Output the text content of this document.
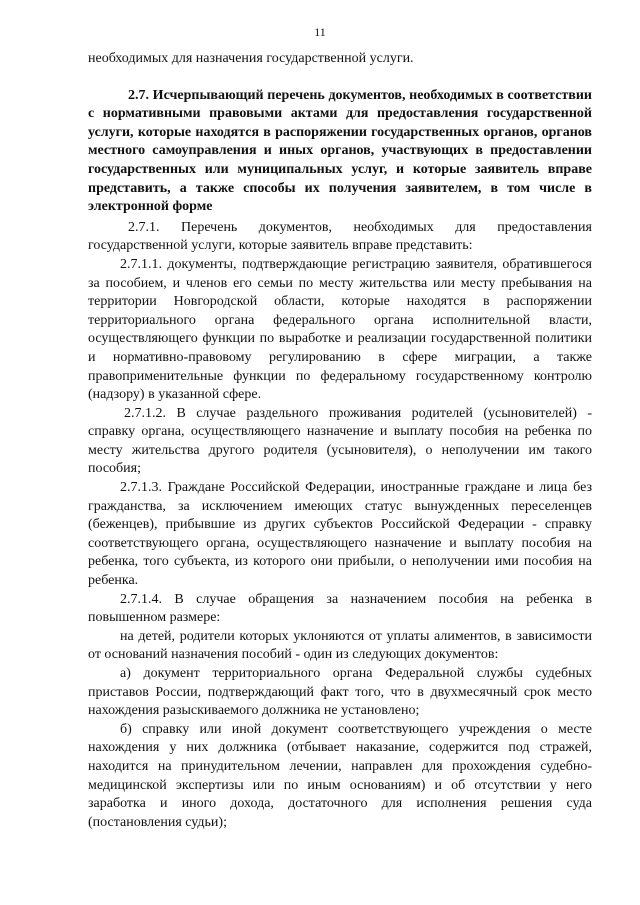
11

необходимых для назначения государственной услуги.

2.7. Исчерпывающий перечень документов, необходимых в соответствии с нормативными правовыми актами для предоставления государственной услуги, которые находятся в распоряжении государственных органов, органов местного самоуправления и иных органов, участвующих в предоставлении государственных или муниципальных услуг, и которые заявитель вправе представить, а также способы их получения заявителем, в том числе в электронной форме

2.7.1. Перечень документов, необходимых для предоставления государственной услуги, которые заявитель вправе представить:

2.7.1.1. документы, подтверждающие регистрацию заявителя, обратившегося за пособием, и членов его семьи по месту жительства или месту пребывания на территории Новгородской области, которые находятся в распоряжении территориального органа федерального органа исполнительной власти, осуществляющего функции по выработке и реализации государственной политики и нормативно-правовому регулированию в сфере миграции, а также правоприменительные функции по федеральному государственному контролю (надзору) в указанной сфере.

2.7.1.2. В случае раздельного проживания родителей (усыновителей) - справку органа, осуществляющего назначение и выплату пособия на ребенка по месту жительства другого родителя (усыновителя), о неполучении им такого пособия;

2.7.1.3. Граждане Российской Федерации, иностранные граждане и лица без гражданства, за исключением имеющих статус вынужденных переселенцев (беженцев), прибывшие из других субъектов Российской Федерации - справку соответствующего органа, осуществляющего назначение и выплату пособия на ребенка, того субъекта, из которого они прибыли, о неполучении ими пособия на ребенка.

2.7.1.4. В случае обращения за назначением пособия на ребенка в повышенном размере:

на детей, родители которых уклоняются от уплаты алиментов, в зависимости от оснований назначения пособий - один из следующих документов:

а) документ территориального органа Федеральной службы судебных приставов России, подтверждающий факт того, что в двухмесячный срок место нахождения разыскиваемого должника не установлено;

б) справку или иной документ соответствующего учреждения о месте нахождения у них должника (отбывает наказание, содержится под стражей, находится на принудительном лечении, направлен для прохождения судебно-медицинской экспертизы или по иным основаниям) и об отсутствии у него заработка и иного дохода, достаточного для исполнения решения суда (постановления судьи);
